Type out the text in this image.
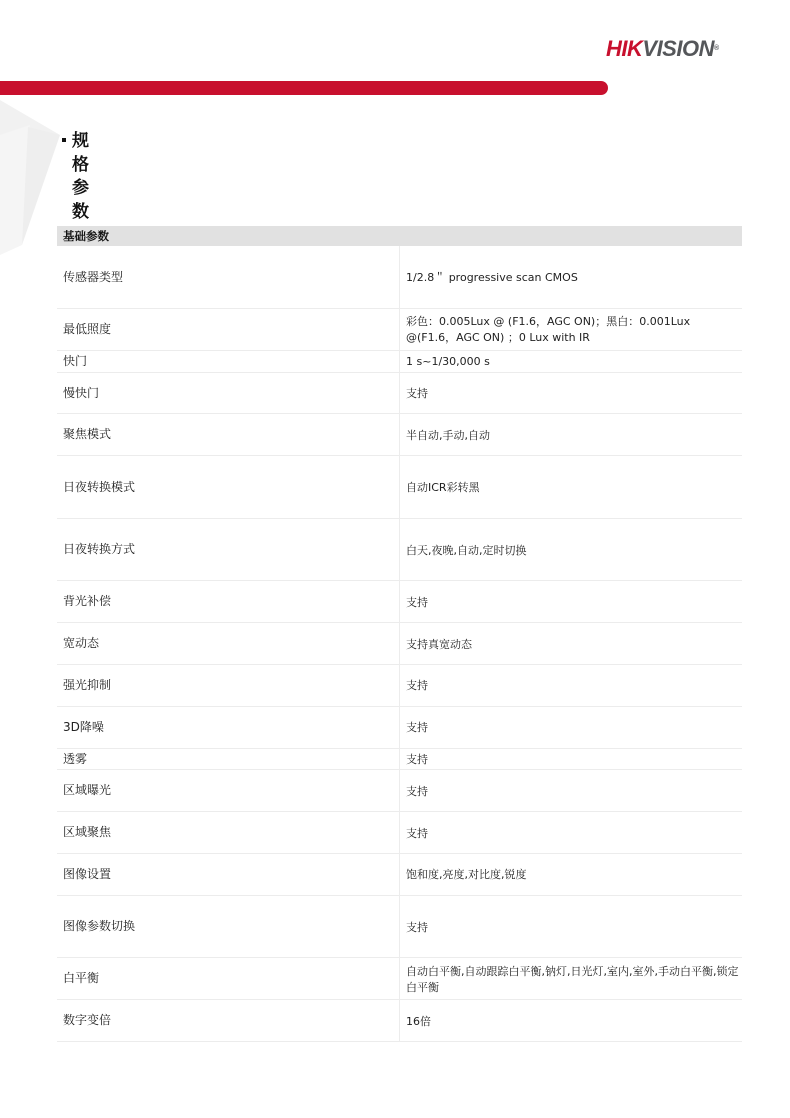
HIKVISION®
规格参数
基础参数	
传感器类型	1/2.8＂ progressive scan CMOS
最低照度	彩色：0.005Lux @ (F1.6，AGC ON)；黑白：0.001Lux @(F1.6，AGC ON) ；0 Lux with IR
快门	1 s~1/30,000 s
慢快门	支持
聚焦模式	半自动,手动,自动
日夜转换模式	自动ICR彩转黑
日夜转换方式	白天,夜晚,自动,定时切换
背光补偿	支持
宽动态	支持真宽动态
强光抑制	支持
3D降噪	支持
透雾	支持
区域曝光	支持
区域聚焦	支持
图像设置	饱和度,亮度,对比度,锐度
图像参数切换	支持
白平衡	自动白平衡,自动跟踪白平衡,钠灯,日光灯,室内,室外,手动白平衡,锁定白平衡
数字变倍	16倍
